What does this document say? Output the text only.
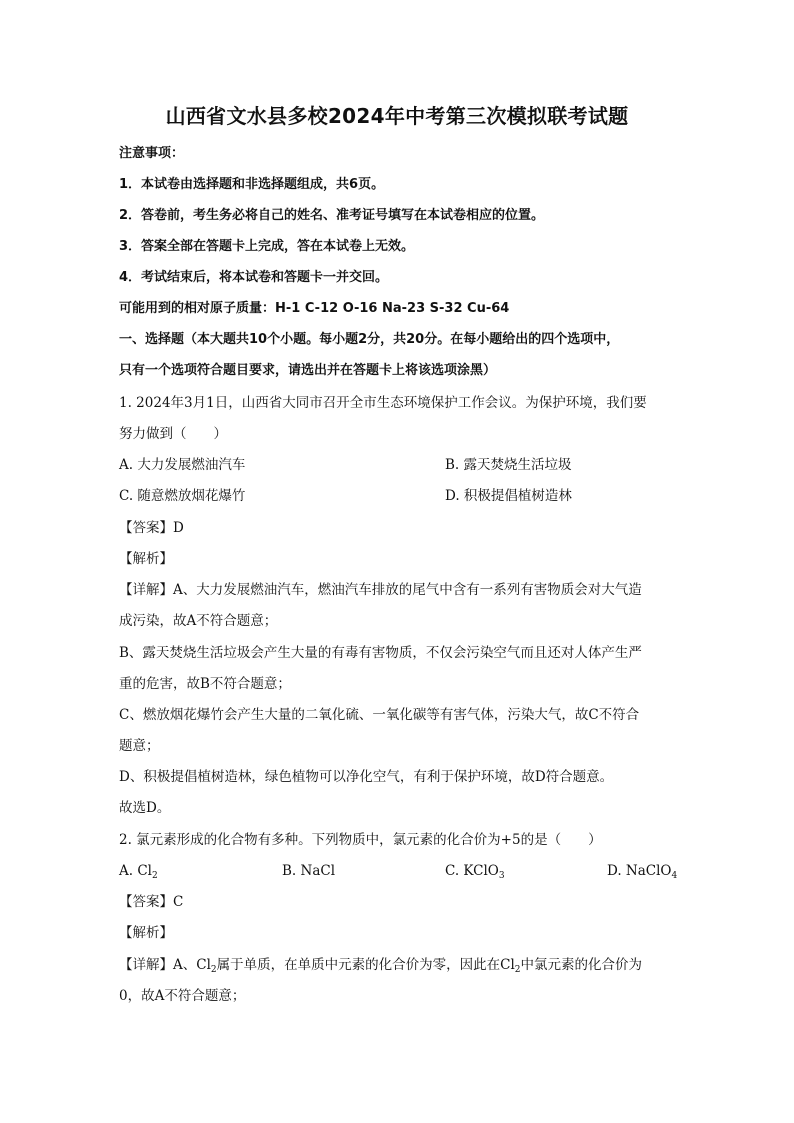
山西省文水县多校2024年中考第三次模拟联考试题
注意事项：
1．本试卷由选择题和非选择题组成，共6页。
2．答卷前，考生务必将自己的姓名、准考证号填写在本试卷相应的位置。
3．答案全部在答题卡上完成，答在本试卷上无效。
4．考试结束后，将本试卷和答题卡一并交回。
可能用到的相对原子质量：H-1 C-12 O-16 Na-23 S-32 Cu-64
一、选择题（本大题共10个小题。每小题2分，共20分。在每小题给出的四个选项中，
只有一个选项符合题目要求，请选出并在答题卡上将该选项涂黑）
1. 2024年3月1日，山西省大同市召开全市生态环境保护工作会议。为保护环境，我们要
努力做到（　　）
A. 大力发展燃油汽车	B. 露天焚烧生活垃圾
C. 随意燃放烟花爆竹	D. 积极提倡植树造林
【答案】D
【解析】
【详解】A、大力发展燃油汽车，燃油汽车排放的尾气中含有一系列有害物质会对大气造
成污染，故A不符合题意；
B、露天焚烧生活垃圾会产生大量的有毒有害物质，不仅会污染空气而且还对人体产生严
重的危害，故B不符合题意；
C、燃放烟花爆竹会产生大量的二氧化硫、一氧化碳等有害气体，污染大气，故C不符合
题意；
D、积极提倡植树造林，绿色植物可以净化空气，有利于保护环境，故D符合题意。
故选D。
2. 氯元素形成的化合物有多种。下列物质中，氯元素的化合价为+5的是（　　）
A. $Cl_2$	B. NaCl	C. KClO$_3$	D. NaClO$_4$
【答案】C
【解析】
【详解】A、$Cl_2$属于单质，在单质中元素的化合价为零，因此在$Cl_2$中氯元素的化合价为
0，故A不符合题意；
